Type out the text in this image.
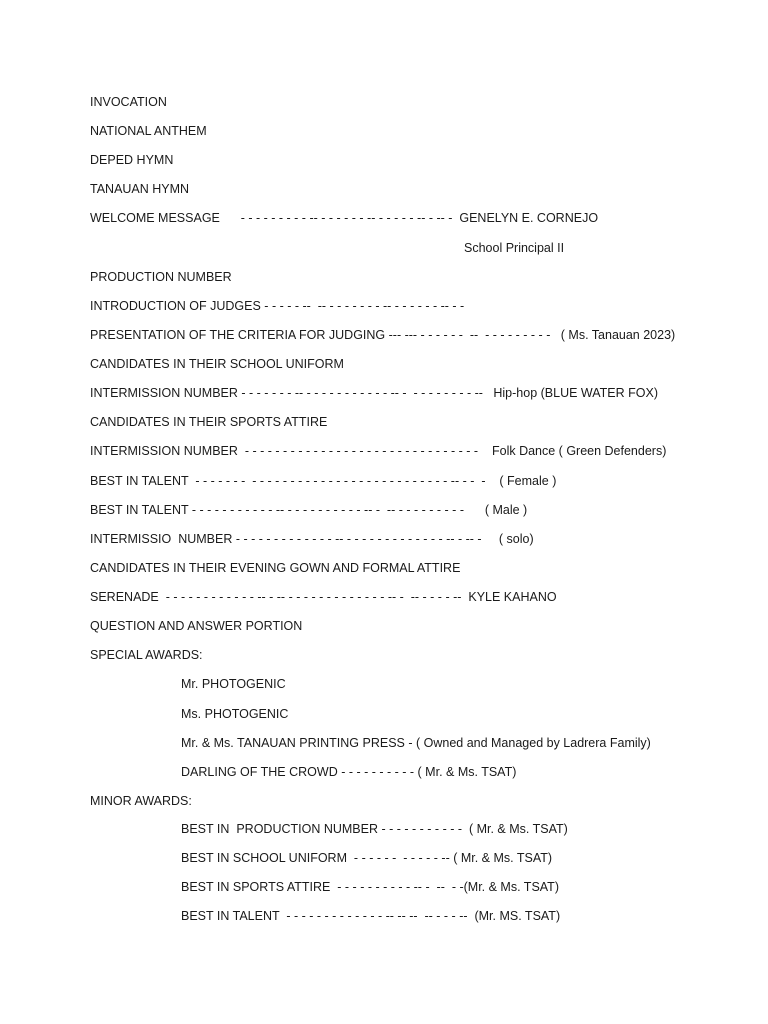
INVOCATION
NATIONAL ANTHEM
DEPED HYMN
TANAUAN HYMN
WELCOME MESSAGE      - - - - - - - - - -- - - - - - - -- - - - - - -- - -- -  GENELYN E. CORNEJO
School Principal II
PRODUCTION NUMBER
INTRODUCTION OF JUDGES - - - - - --  -- - - - - - - - -- - - - - - - -- - -
PRESENTATION OF THE CRITERIA FOR JUDGING --- --- - - - - - -  --  - - - - - - - - -   ( Ms. Tanauan 2023)
CANDIDATES IN THEIR SCHOOL UNIFORM
INTERMISSION NUMBER - - - - - - - -- - - - - - - - - - - - -- -  - - - - - - - - --   Hip-hop (BLUE WATER FOX)
CANDIDATES IN THEIR SPORTS ATTIRE
INTERMISSION NUMBER  - - - - - - - - - - - - - - - - - - - - - - - - - - - - - - -    Folk Dance ( Green Defenders)
BEST IN TALENT  - - - - - - -  - - - - - - - - - - - - - - - - - - - - - - - - - - -- - -  -    ( Female )
BEST IN TALENT - - - - - - - - - - - -- - - - - - - - - - - -- -  -- - - - - - - - - -      ( Male )
INTERMISSIO  NUMBER - - - - - - - - - - - - - -- - - - - - - - - - - - - - -- - -- -     ( solo)
CANDIDATES IN THEIR EVENING GOWN AND FORMAL ATTIRE
SERENADE  - - - - - - - - - - - - -- - -- - - - - - - - - - - - - - -- -  -- - - - - --  KYLE KAHANO
QUESTION AND ANSWER PORTION
SPECIAL AWARDS:
Mr. PHOTOGENIC
Ms. PHOTOGENIC
Mr. & Ms. TANAUAN PRINTING PRESS - ( Owned and Managed by Ladrera Family)
DARLING OF THE CROWD - - - - - - - - - - ( Mr. & Ms. TSAT)
MINOR AWARDS:
BEST IN  PRODUCTION NUMBER - - - - - - - - - - -  ( Mr. & Ms. TSAT)
BEST IN SCHOOL UNIFORM  - - - - - -  - - - - - -- ( Mr. & Ms. TSAT)
BEST IN SPORTS ATTIRE  - - - - - - - - - - -- -  --  - -(Mr. & Ms. TSAT)
BEST IN TALENT  - - - - - - - - - - - - - -- -- --  -- - - - --  (Mr. MS. TSAT)
